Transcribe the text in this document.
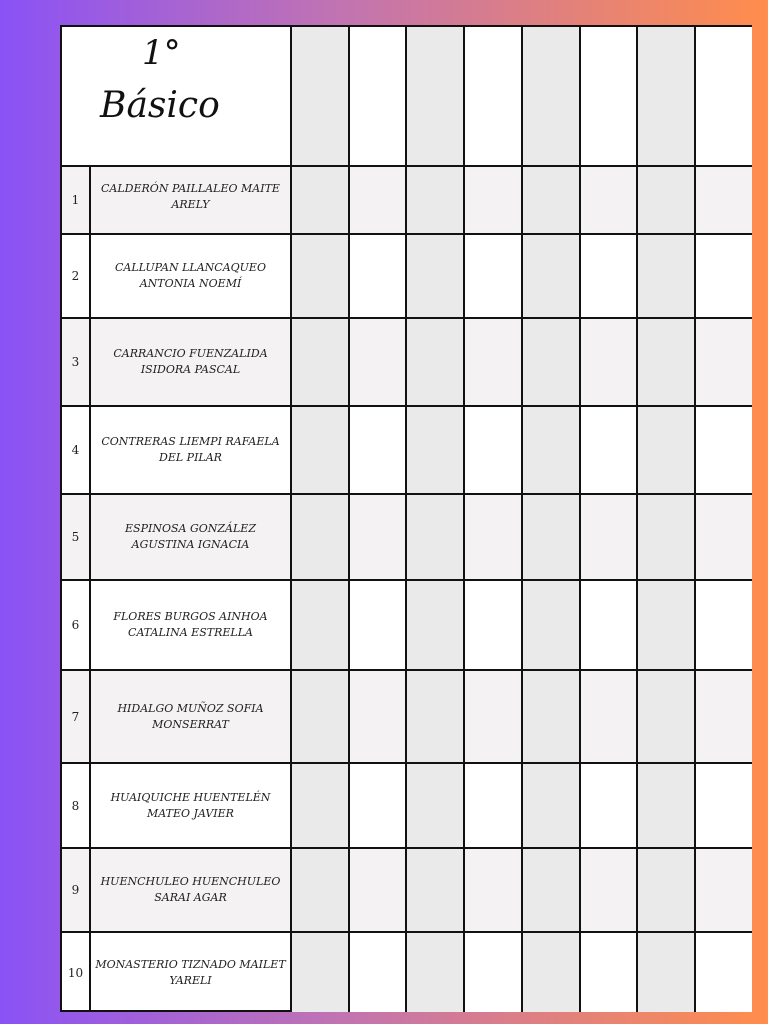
1°
Básico									

1	CALDERÓN PAILLALEO MAITE ARELY								
2	CALLUPAN LLANCAQUEO ANTONIA NOEMÍ								
3	CARRANCIO FUENZALIDA ISIDORA PASCAL								
4	CONTRERAS LIEMPI RAFAELA DEL PILAR								
5	ESPINOSA GONZÁLEZ AGUSTINA IGNACIA								
6	FLORES BURGOS AINHOA CATALINA ESTRELLA								
7	HIDALGO MUÑOZ SOFIA MONSERRAT								
8	HUAIQUICHE HUENTELÉN MATEO JAVIER								
9	HUENCHULEO HUENCHULEO SARAI AGAR								
10	MONASTERIO TIZNADO MAILET YARELI								
